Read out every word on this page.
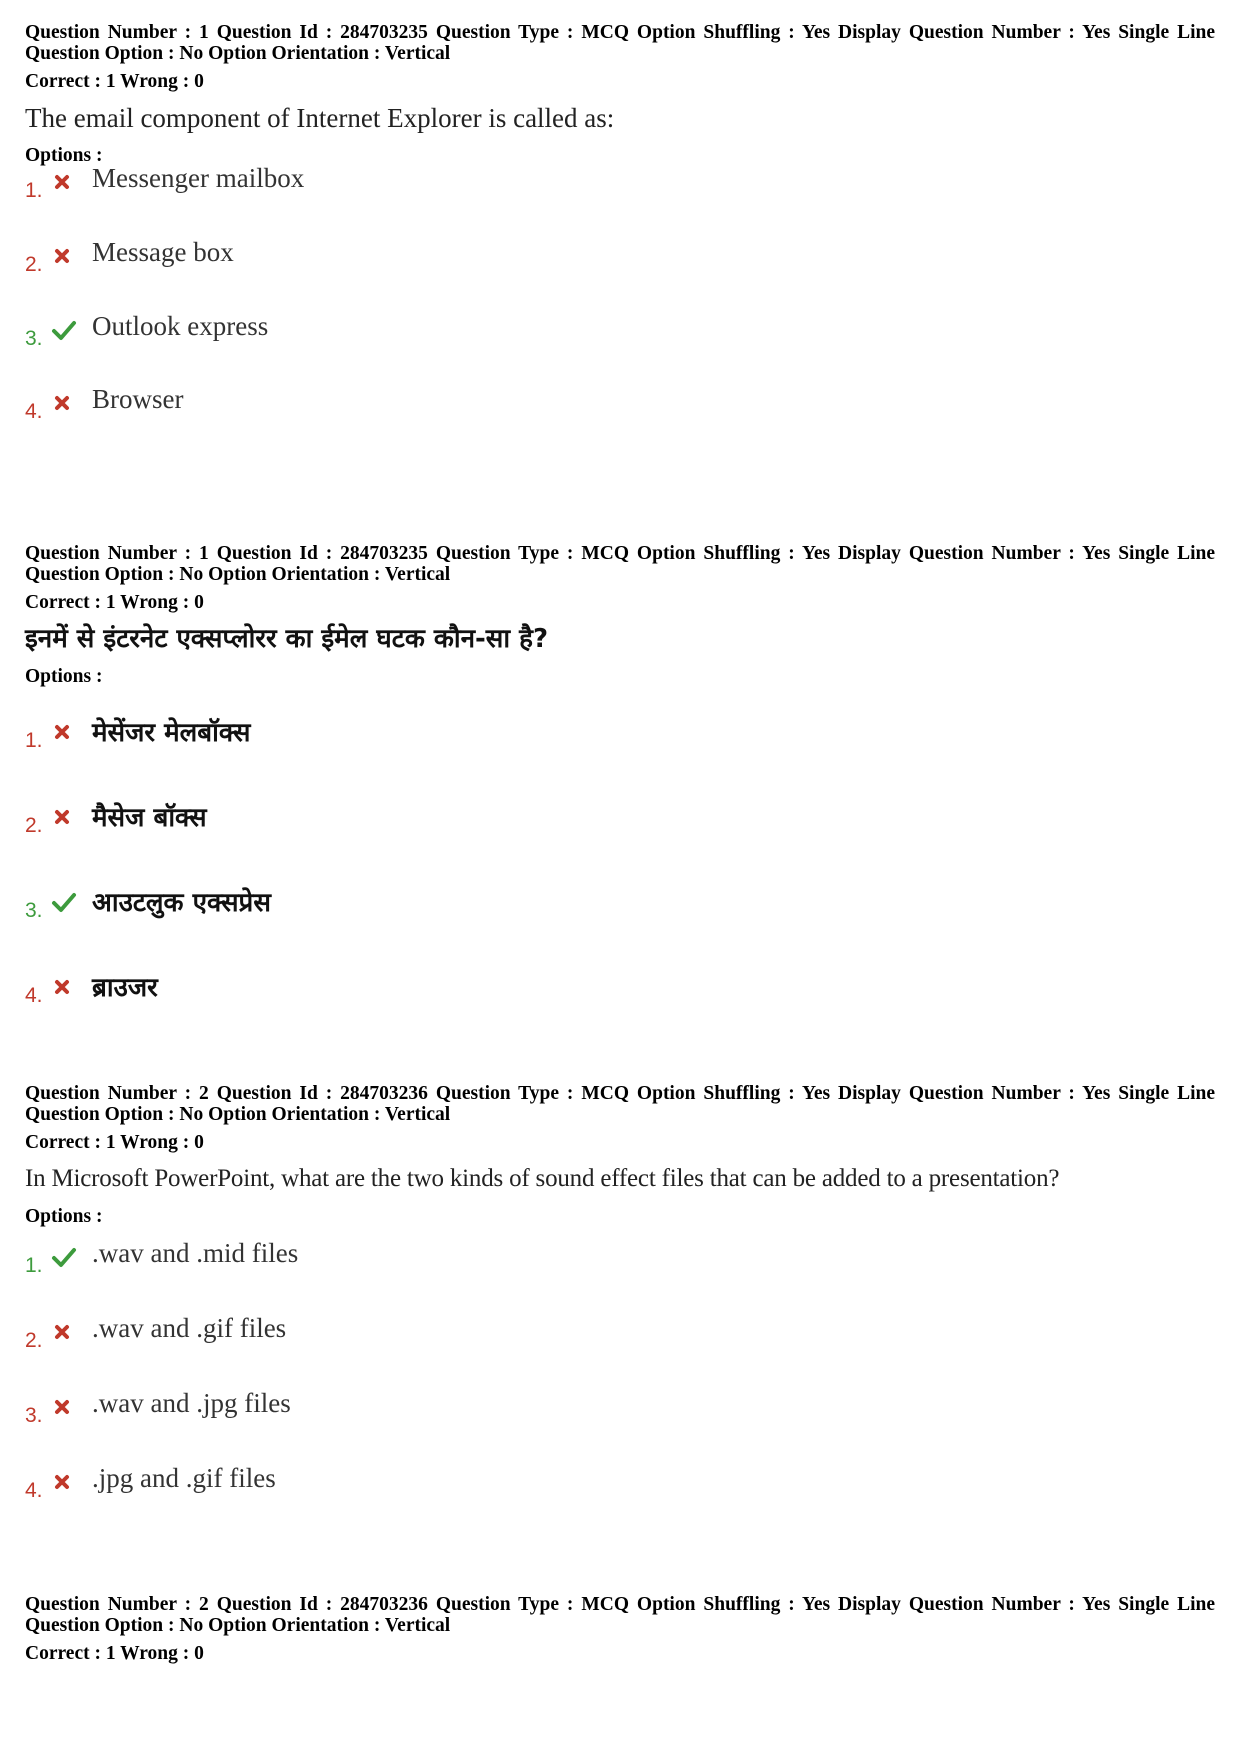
Question Number : 1 Question Id : 284703235 Question Type : MCQ Option Shuffling : Yes Display Question Number : Yes Single Line Question Option : No Option Orientation : Vertical

Correct : 1 Wrong : 0
The email component of Internet Explorer is called as:
Options :
1. Messenger mailbox
2. Message box
3. Outlook express
4. Browser

Question Number : 1 Question Id : 284703235 Question Type : MCQ Option Shuffling : Yes Display Question Number : Yes Single Line Question Option : No Option Orientation : Vertical

Correct : 1 Wrong : 0
इनमें से इंटरनेट एक्सप्लोरर का ईमेल घटक कौन-सा है?
Options :
1. मेसेंजर मेलबॉक्स
2. मैसेज बॉक्स
3. आउटलुक एक्सप्रेस
4. ब्राउजर

Question Number : 2 Question Id : 284703236 Question Type : MCQ Option Shuffling : Yes Display Question Number : Yes Single Line Question Option : No Option Orientation : Vertical

Correct : 1 Wrong : 0
In Microsoft PowerPoint, what are the two kinds of sound effect files that can be added to a presentation?
Options :
1. .wav and .mid files
2. .wav and .gif files
3. .wav and .jpg files
4. .jpg and .gif files

Question Number : 2 Question Id : 284703236 Question Type : MCQ Option Shuffling : Yes Display Question Number : Yes Single Line Question Option : No Option Orientation : Vertical

Correct : 1 Wrong : 0
